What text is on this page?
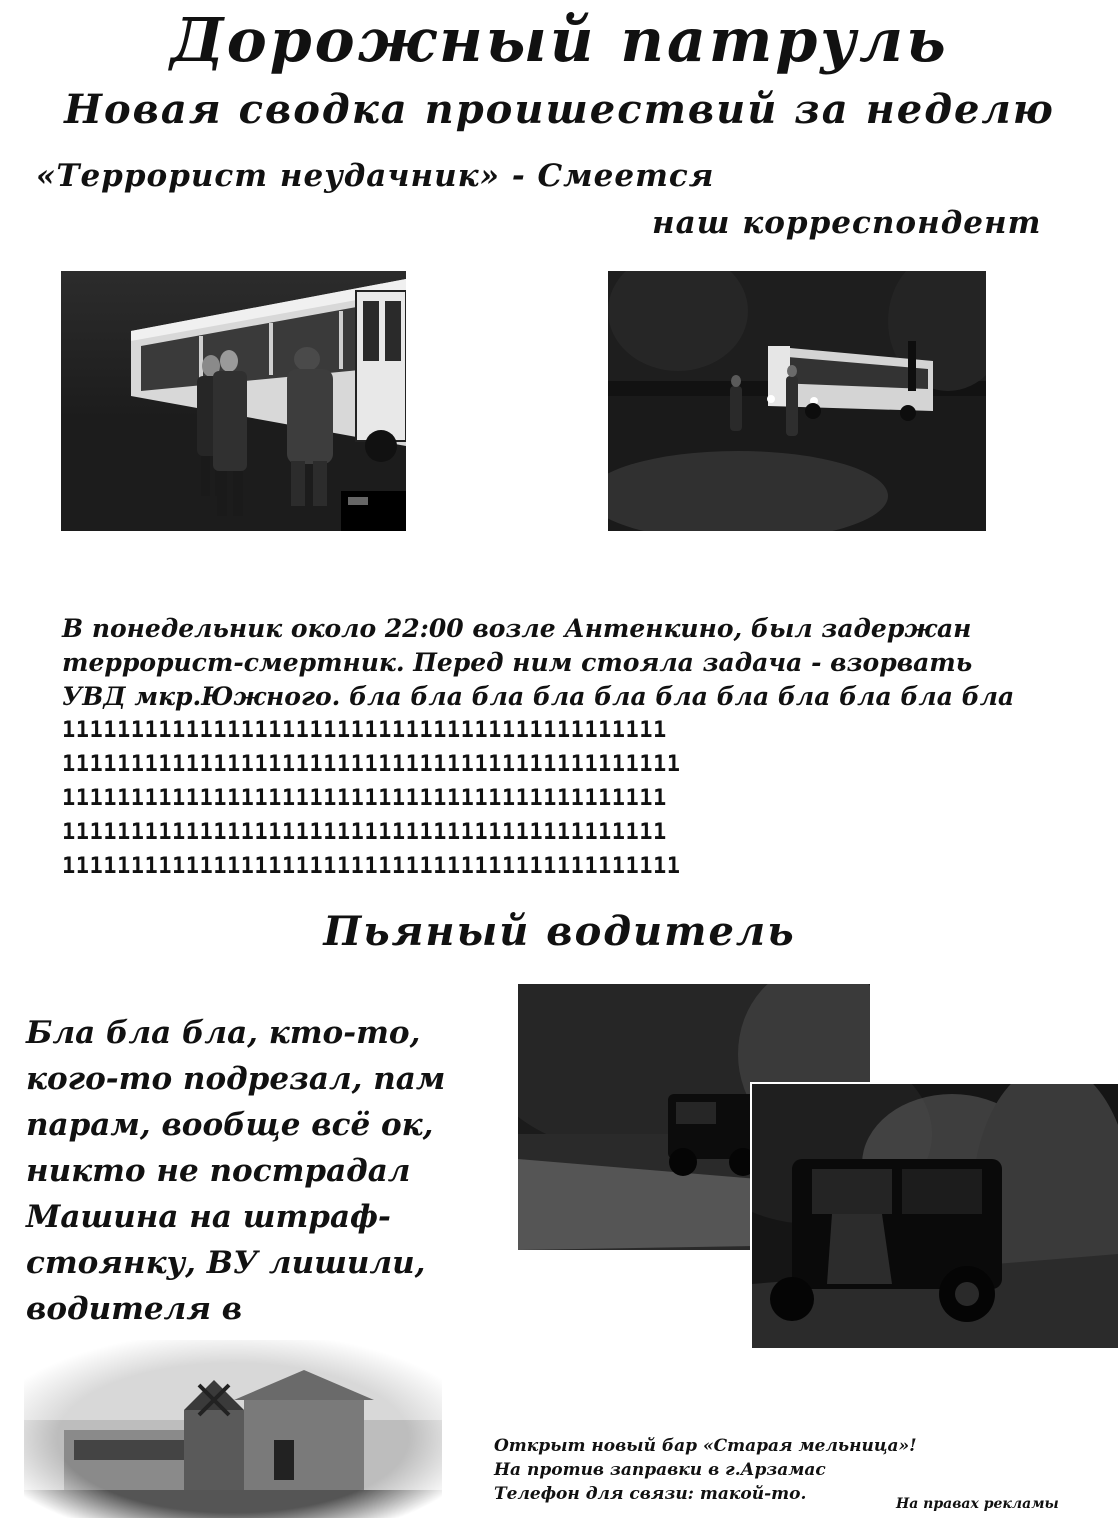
Дорожный патруль
Новая сводка проишествий за неделю
«Террорист неудачник» - Смеется
наш корреспондент
В понедельник около 22:00 возле Антенкино, был задержан
террорист-смертник. Перед ним стояла задача - взорвать
УВД мкр.Южного. бла бла бла бла бла бла бла бла бла бла бла
11111111111111111111111111111111111111111111
111111111111111111111111111111111111111111111
11111111111111111111111111111111111111111111
11111111111111111111111111111111111111111111
111111111111111111111111111111111111111111111
Пьяный водитель
Бла бла бла, кто-то,
кого-то подрезал, пам
парам, вообще всё ок,
никто не пострадал
Машина на штраф-
стоянку, ВУ лишили,
водителя в
Открыт новый бар «Старая мельница»!
На против заправки в г.Арзамас
Телефон для связи: такой-то.	На правах рекламы
